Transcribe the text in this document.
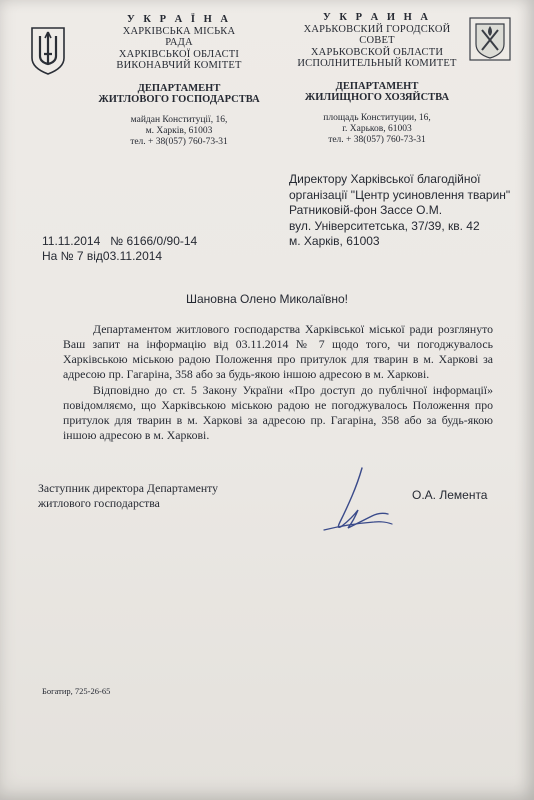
У К Р А Ї Н А
ХАРКІВСЬКА МІСЬКА
РАДА
ХАРКІВСЬКОЇ ОБЛАСТІ
ВИКОНАВЧИЙ КОМІТЕТ
ДЕПАРТАМЕНТ
ЖИТЛОВОГО ГОСПОДАРСТВА
майдан Конституції, 16,
м. Харків, 61003
тел. + 38(057) 760-73-31
У К Р А И Н А
ХАРЬКОВСКИЙ ГОРОДСКОЙ
СОВЕТ
ХАРЬКОВСКОЙ ОБЛАСТИ
ИСПОЛНИТЕЛЬНЫЙ КОМИТЕТ
ДЕПАРТАМЕНТ
ЖИЛИЩНОГО ХОЗЯЙСТВА
площадь Конституции, 16,
г. Харьков, 61003
тел. + 38(057) 760-73-31
Директору Харківської благодійної
організації "Центр усиновлення тварин"
Ратниковій-фон Зассе О.М.
вул. Університетська, 37/39, кв. 42
м. Харків, 61003
11.11.2014   № 6166/0/90-14
На № 7 від03.11.2014
Шановна Олено Миколаївно!

Департаментом житлового господарства Харківської міської ради розглянуто Ваш запит на інформацію від 03.11.2014 № 7 щодо того, чи погоджувалось Харківською міською радою Положення про притулок для тварин в м. Харкові за адресою пр. Гагаріна, 358 або за будь-якою іншою адресою в м. Харкові.

Відповідно до ст. 5 Закону України «Про доступ до публічної інформації» повідомляємо, що Харківською міською радою не погоджувалось Положення про притулок для тварин в м. Харкові за адресою пр. Гагаріна, 358 або за будь-якою іншою адресою в м. Харкові.

Заступник директора Департаменту
житлового господарства
О.А. Лемента
Богатир, 725-26-65
